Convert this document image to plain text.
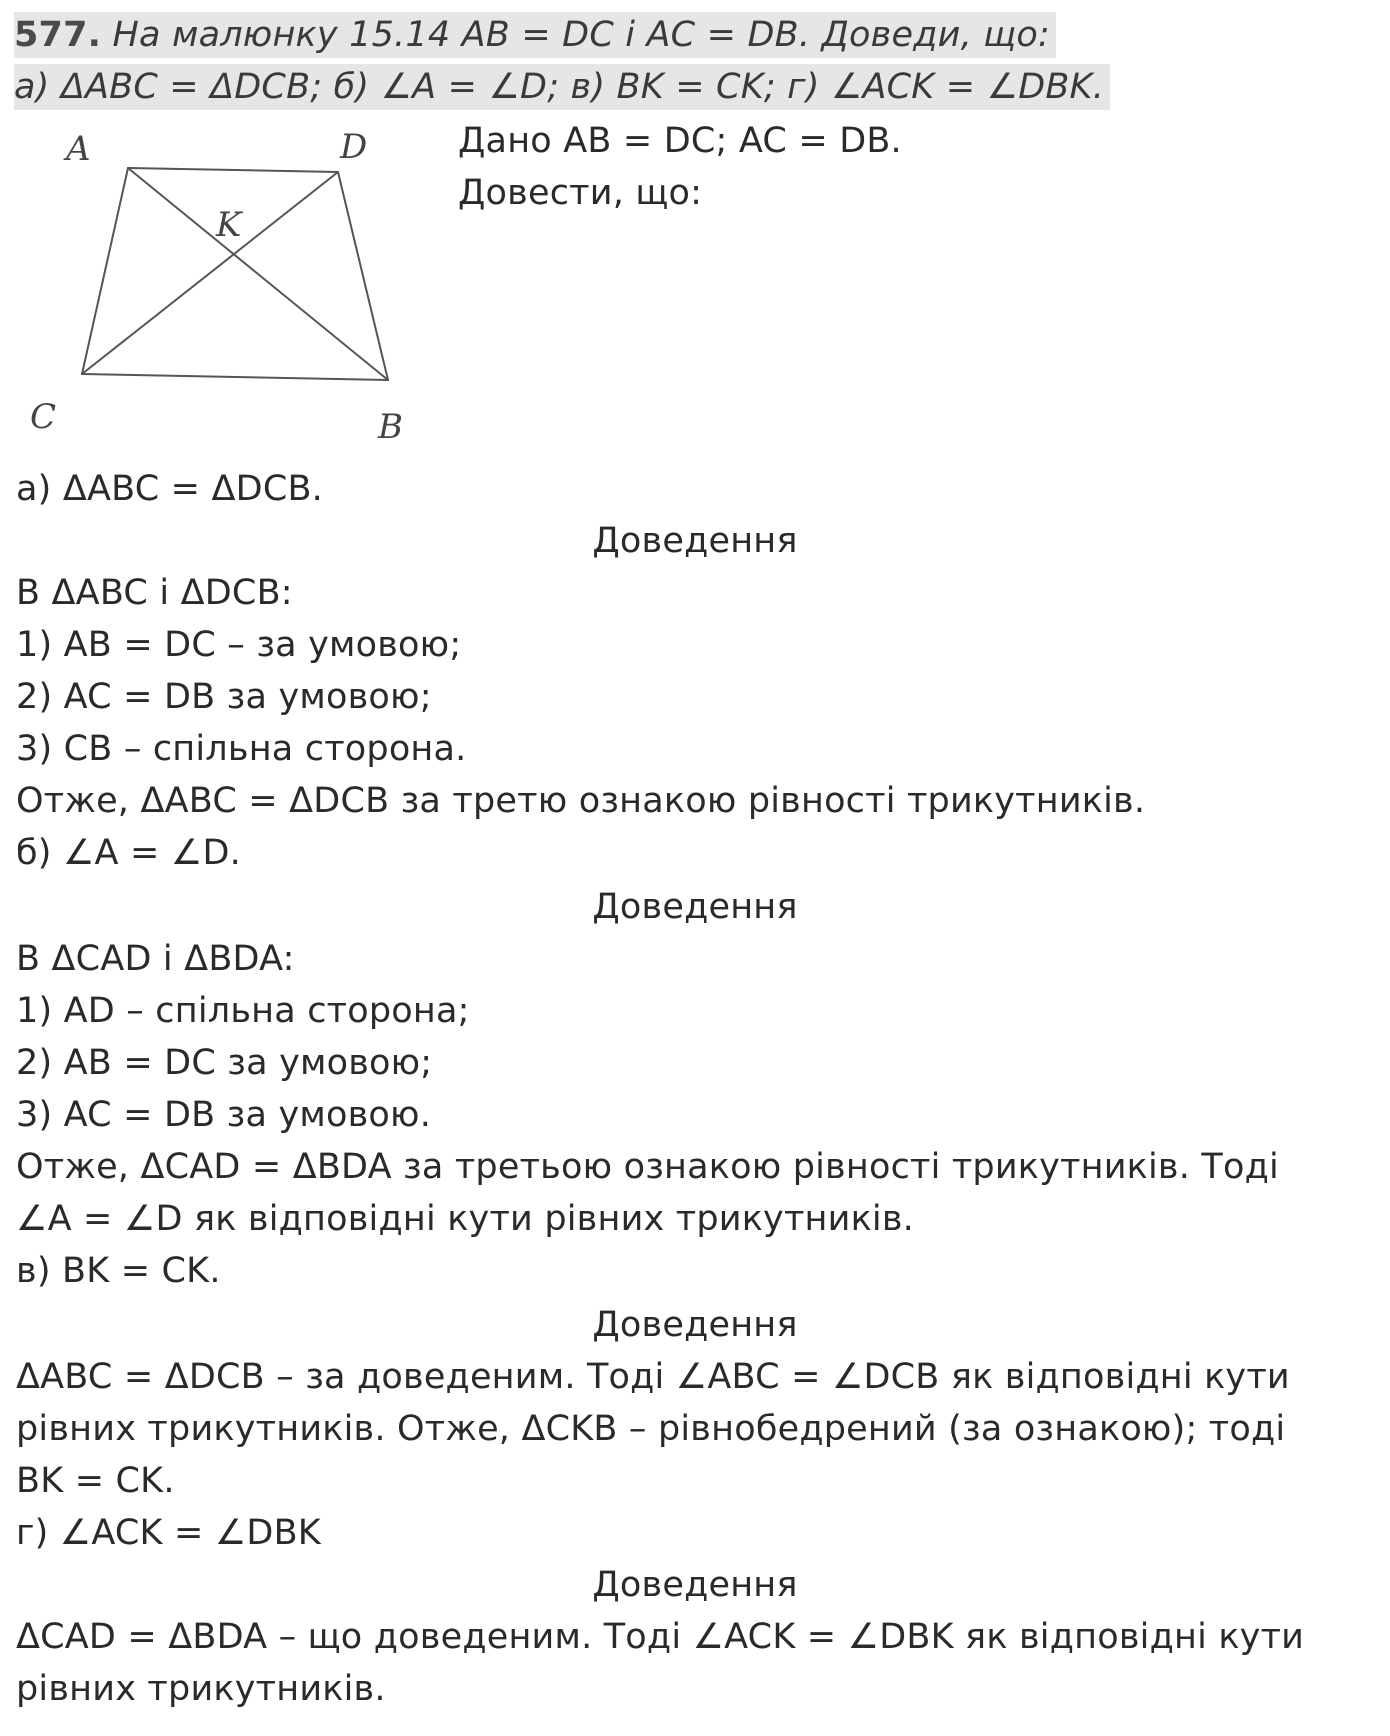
577. На малюнку 15.14 AB = DC і AC = DB. Доведи, що:
а) ΔABC = ΔDCB; б) ∠A = ∠D; в) BK = CK; г) ∠ACK = ∠DBK.
A	D
K
C	B
Дано AB = DC; AC = DB.
Довести, що:
а) ΔABC = ΔDCB.
Доведення
В ΔABC і ΔDCB:
1) AB = DC – за умовою;
2) AC = DB за умовою;
3) CB – спільна сторона.
Отже, ΔABC = ΔDCB за третю ознакою рівності трикутників.
б) ∠A = ∠D.
Доведення
В ΔCAD і ΔBDA:
1) AD – спільна сторона;
2) AB = DC за умовою;
3) AC = DB за умовою.
Отже, ΔCAD = ΔBDA за третьою ознакою рівності трикутників. Тоді
∠A = ∠D як відповідні кути рівних трикутників.
в) BK = CK.
Доведення
ΔABC = ΔDCB – за доведеним. Тоді ∠ABC = ∠DCB як відповідні кути
рівних трикутників. Отже, ΔCKB – рівнобедрений (за ознакою); тоді
BK = CK.
г) ∠ACK = ∠DBK
Доведення
ΔCAD = ΔBDA – що доведеним. Тоді ∠ACK = ∠DBK як відповідні кути
рівних трикутників.
